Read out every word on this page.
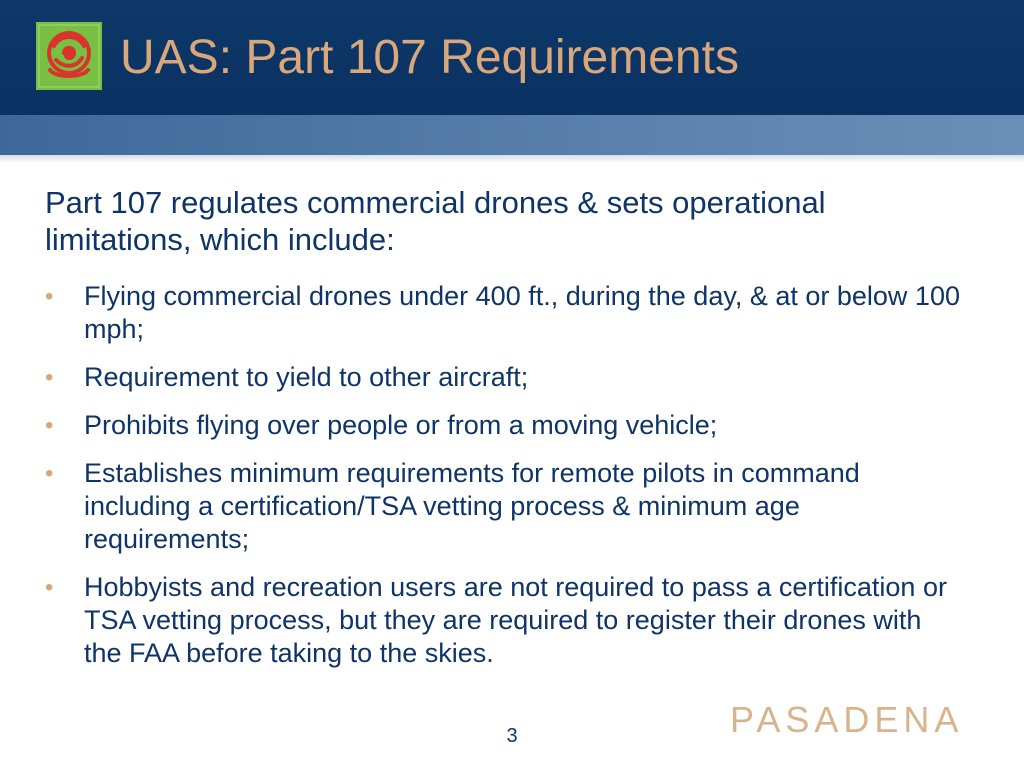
UAS: Part 107 Requirements

Part 107 regulates commercial drones & sets operational limitations, which include:

• Flying commercial drones under 400 ft., during the day, & at or below 100 mph;
• Requirement to yield to other aircraft;
• Prohibits flying over people or from a moving vehicle;
• Establishes minimum requirements for remote pilots in command including a certification/TSA vetting process & minimum age requirements;
• Hobbyists and recreation users are not required to pass a certification or TSA vetting process, but they are required to register their drones with the FAA before taking to the skies.
3	PASADENA
